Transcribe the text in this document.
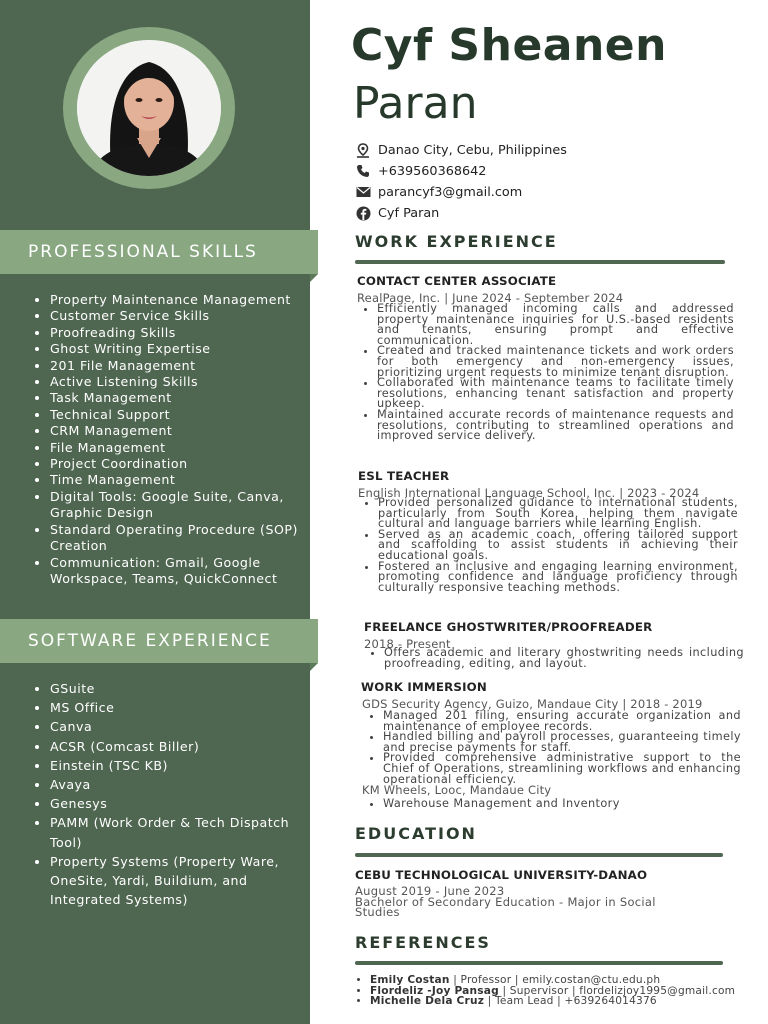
PROFESSIONAL SKILLS
• Property Maintenance Management
• Customer Service Skills
• Proofreading Skills
• Ghost Writing Expertise
• 201 File Management
• Active Listening Skills
• Task Management
• Technical Support
• CRM Management
• File Management
• Project Coordination
• Time Management
• Digital Tools: Google Suite, Canva, Graphic Design
• Standard Operating Procedure (SOP) Creation
• Communication: Gmail, Google Workspace, Teams, QuickConnect
SOFTWARE EXPERIENCE
• GSuite
• MS Office
• Canva
• ACSR (Comcast Biller)
• Einstein (TSC KB)
• Avaya
• Genesys
• PAMM (Work Order & Tech Dispatch Tool)
• Property Systems (Property Ware, OneSite, Yardi, Buildium, and Integrated Systems)
Cyf Sheanen
Paran
Danao City, Cebu, Philippines
+639560368642
parancyf3@gmail.com
Cyf Paran
WORK EXPERIENCE
CONTACT CENTER ASSOCIATE
RealPage, Inc. | June 2024 - September 2024
• Efficiently managed incoming calls and addressed property maintenance inquiries for U.S.-based residents and tenants, ensuring prompt and effective communication.
• Created and tracked maintenance tickets and work orders for both emergency and non-emergency issues, prioritizing urgent requests to minimize tenant disruption.
• Collaborated with maintenance teams to facilitate timely resolutions, enhancing tenant satisfaction and property upkeep.
• Maintained accurate records of maintenance requests and resolutions, contributing to streamlined operations and improved service delivery.
ESL TEACHER
English International Language School, Inc. | 2023 - 2024
• Provided personalized guidance to international students, particularly from South Korea, helping them navigate cultural and language barriers while learning English.
• Served as an academic coach, offering tailored support and scaffolding to assist students in achieving their educational goals.
• Fostered an inclusive and engaging learning environment, promoting confidence and language proficiency through culturally responsive teaching methods.
FREELANCE GHOSTWRITER/PROOFREADER
2018 - Present
• Offers academic and literary ghostwriting needs including proofreading, editing, and layout.
WORK IMMERSION
GDS Security Agency, Guizo, Mandaue City | 2018 - 2019
• Managed 201 filing, ensuring accurate organization and maintenance of employee records.
• Handled billing and payroll processes, guaranteeing timely and precise payments for staff.
• Provided comprehensive administrative support to the Chief of Operations, streamlining workflows and enhancing operational efficiency.
KM Wheels, Looc, Mandaue City
• Warehouse Management and Inventory
EDUCATION
CEBU TECHNOLOGICAL UNIVERSITY-DANAO
August 2019 - June 2023
Bachelor of Secondary Education - Major in Social Studies
REFERENCES
• Emily Costan | Professor | emily.costan@ctu.edu.ph
• Flordeliz -Joy Pansag | Supervisor | flordelizjoy1995@gmail.com
• Michelle Dela Cruz | Team Lead | +639264014376
